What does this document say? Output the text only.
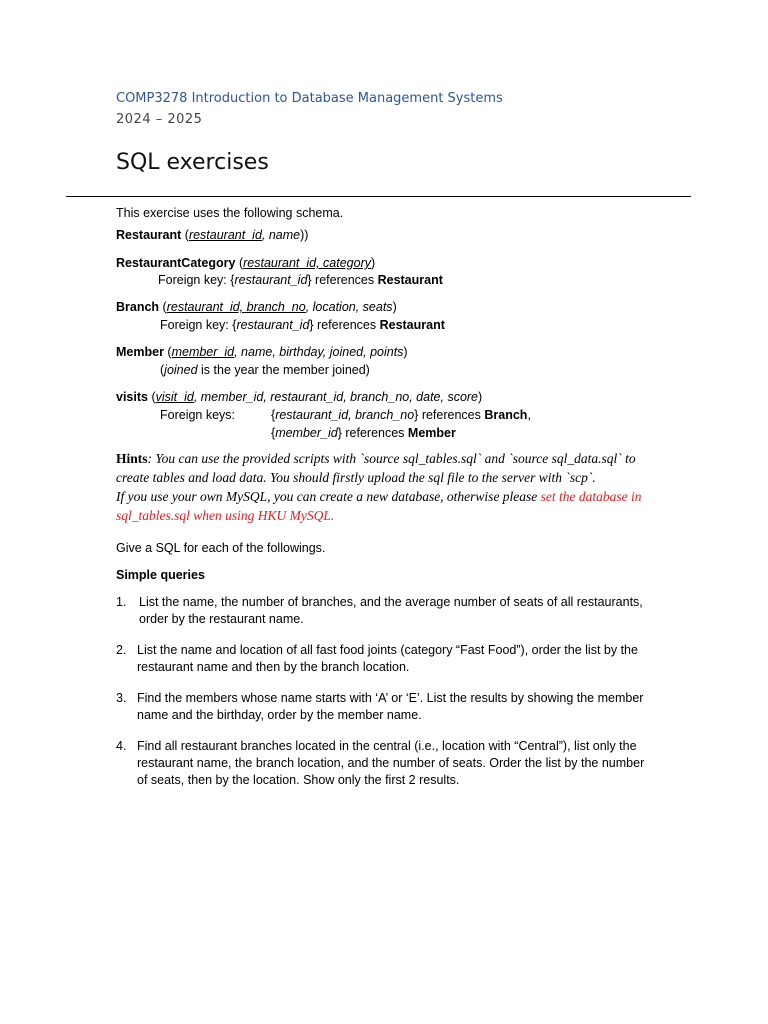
COMP3278 Introduction to Database Management Systems
2024 – 2025
SQL exercises
This exercise uses the following schema.
Restaurant (restaurant_id, name))
RestaurantCategory (restaurant_id, category)
Foreign key: {restaurant_id} references Restaurant
Branch (restaurant_id, branch_no, location, seats)
Foreign key: {restaurant_id} references Restaurant
Member (member_id, name, birthday, joined, points)
(joined is the year the member joined)
visits (visit_id, member_id, restaurant_id, branch_no, date, score)
Foreign keys:	{restaurant_id, branch_no} references Branch,
{member_id} references Member
Hints: You can use the provided scripts with `source sql_tables.sql` and `source sql_data.sql` to
create tables and load data. You should firstly upload the sql file to the server with `scp`.
If you use your own MySQL, you can create a new database, otherwise please set the database in
sql_tables.sql when using HKU MySQL.
Give a SQL for each of the followings.
Simple queries
1. List the name, the number of branches, and the average number of seats of all restaurants, order by the restaurant name.
2. List the name and location of all fast food joints (category “Fast Food”), order the list by the restaurant name and then by the branch location.
3. Find the members whose name starts with ‘A’ or ‘E’. List the results by showing the member name and the birthday, order by the member name.
4. Find all restaurant branches located in the central (i.e., location with “Central”), list only the restaurant name, the branch location, and the number of seats. Order the list by the number of seats, then by the location. Show only the first 2 results.
